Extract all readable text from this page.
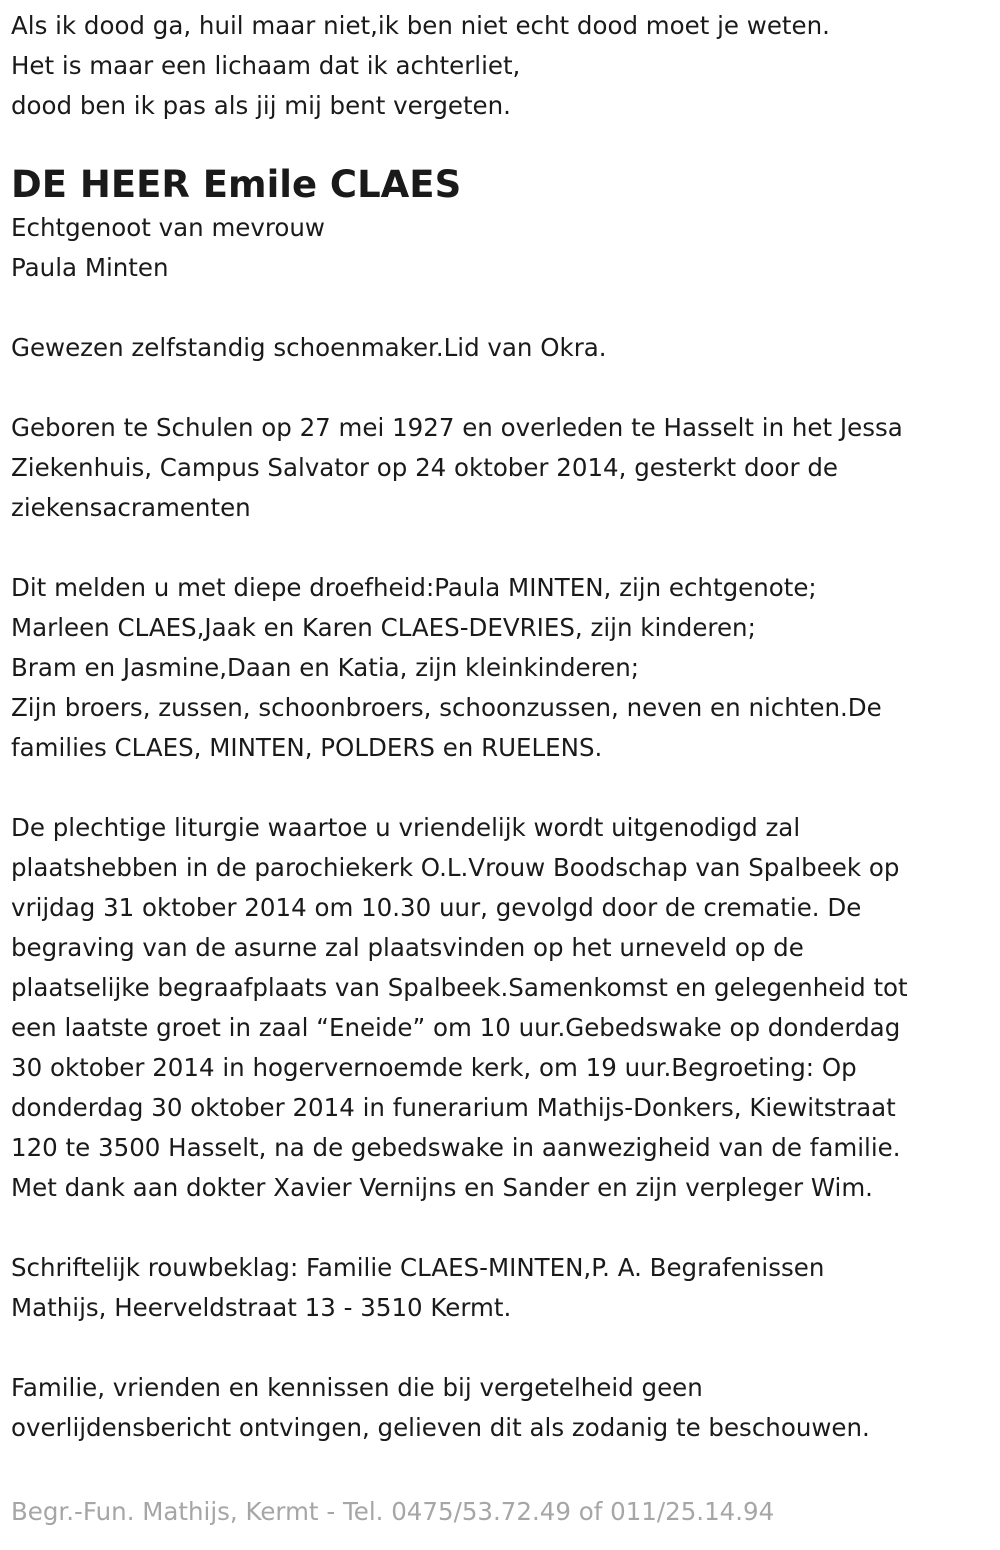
Als ik dood ga, huil maar niet,ik ben niet echt dood moet je weten.

Het is maar een lichaam dat ik achterliet,

dood ben ik pas als jij mij bent vergeten.

DE HEER Emile CLAES

Echtgenoot van mevrouw

Paula Minten

Gewezen zelfstandig schoenmaker.Lid van Okra.

Geboren te Schulen op 27 mei 1927 en overleden te Hasselt in het Jessa

Ziekenhuis, Campus Salvator op 24 oktober 2014, gesterkt door de

ziekensacramenten

Dit melden u met diepe droefheid:Paula MINTEN, zijn echtgenote;

Marleen CLAES,Jaak en Karen CLAES-DEVRIES, zijn kinderen;

Bram en Jasmine,Daan en Katia, zijn kleinkinderen;

Zijn broers, zussen, schoonbroers, schoonzussen, neven en nichten.De

families CLAES, MINTEN, POLDERS en RUELENS.

De plechtige liturgie waartoe u vriendelijk wordt uitgenodigd zal

plaatshebben in de parochiekerk O.L.Vrouw Boodschap van Spalbeek op

vrijdag 31 oktober 2014 om 10.30 uur, gevolgd door de crematie. De

begraving van de asurne zal plaatsvinden op het urneveld op de

plaatselijke begraafplaats van Spalbeek.Samenkomst en gelegenheid tot

een laatste groet in zaal “Eneide” om 10 uur.Gebedswake op donderdag

30 oktober 2014 in hogervernoemde kerk, om 19 uur.Begroeting: Op

donderdag 30 oktober 2014 in funerarium Mathijs-Donkers, Kiewitstraat

120 te 3500 Hasselt, na de gebedswake in aanwezigheid van de familie.

Met dank aan dokter Xavier Vernijns en Sander en zijn verpleger Wim.

Schriftelijk rouwbeklag: Familie CLAES-MINTEN,P. A. Begrafenissen

Mathijs, Heerveldstraat 13 - 3510 Kermt.

Familie, vrienden en kennissen die bij vergetelheid geen

overlijdensbericht ontvingen, gelieven dit als zodanig te beschouwen.

Begr.-Fun. Mathijs, Kermt - Tel. 0475/53.72.49 of 011/25.14.94
